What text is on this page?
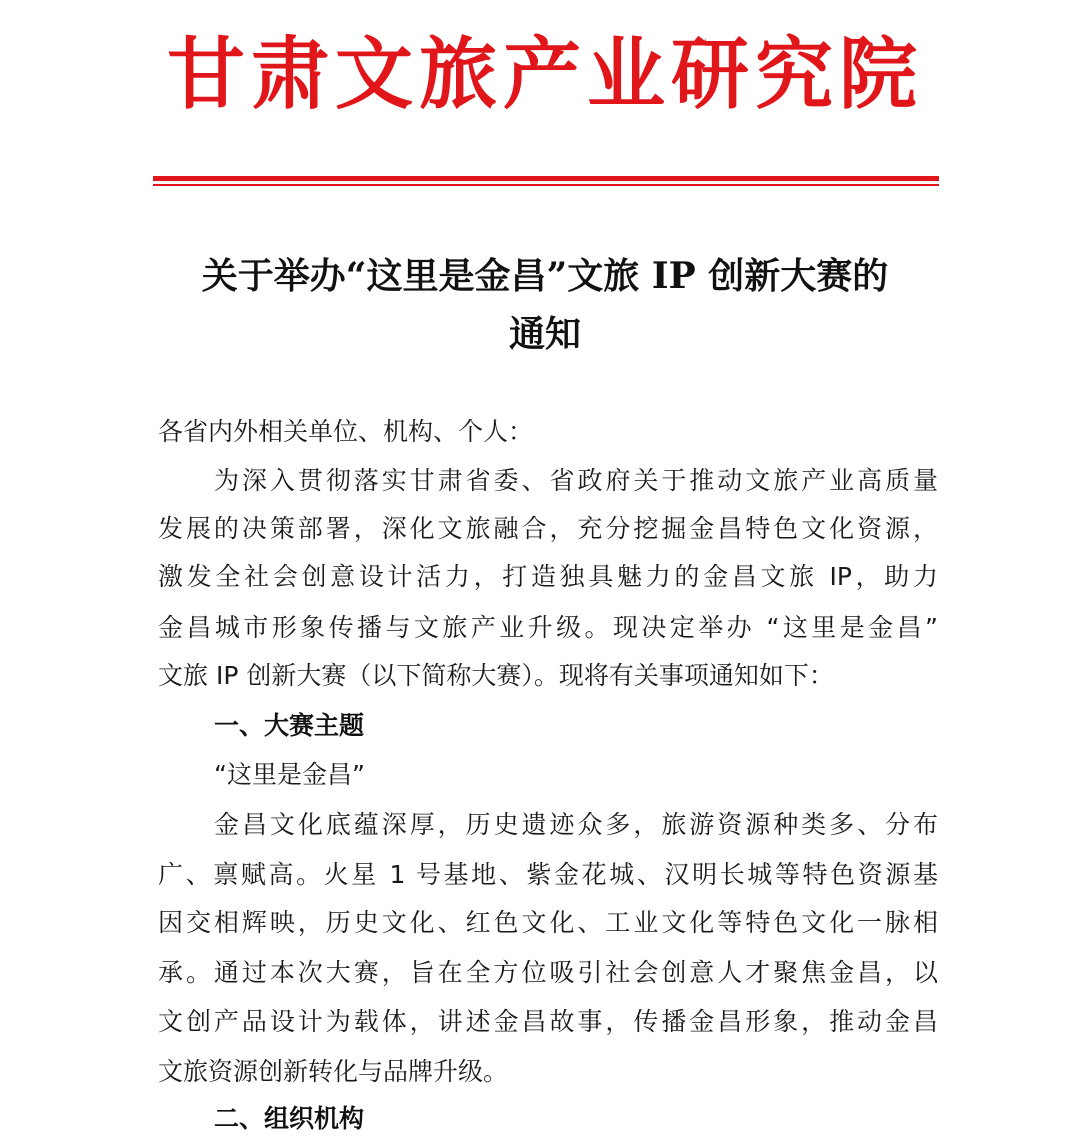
甘肃文旅产业研究院
关于举办“这里是金昌”文旅 IP 创新大赛的
通知
各省内外相关单位、机构、个人：
为深入贯彻落实甘肃省委、省政府关于推动文旅产业高质量
发展的决策部署，深化文旅融合，充分挖掘金昌特色文化资源，
激发全社会创意设计活力，打造独具魅力的金昌文旅 IP，助力
金昌城市形象传播与文旅产业升级。现决定举办 “这里是金昌”
文旅 IP 创新大赛（以下简称大赛）。现将有关事项通知如下：
一、大赛主题
“这里是金昌”
金昌文化底蕴深厚，历史遗迹众多，旅游资源种类多、分布
广、禀赋高。火星 1 号基地、紫金花城、汉明长城等特色资源基
因交相辉映，历史文化、红色文化、工业文化等特色文化一脉相
承。通过本次大赛，旨在全方位吸引社会创意人才聚焦金昌，以
文创产品设计为载体，讲述金昌故事，传播金昌形象，推动金昌
文旅资源创新转化与品牌升级。
二、组织机构
